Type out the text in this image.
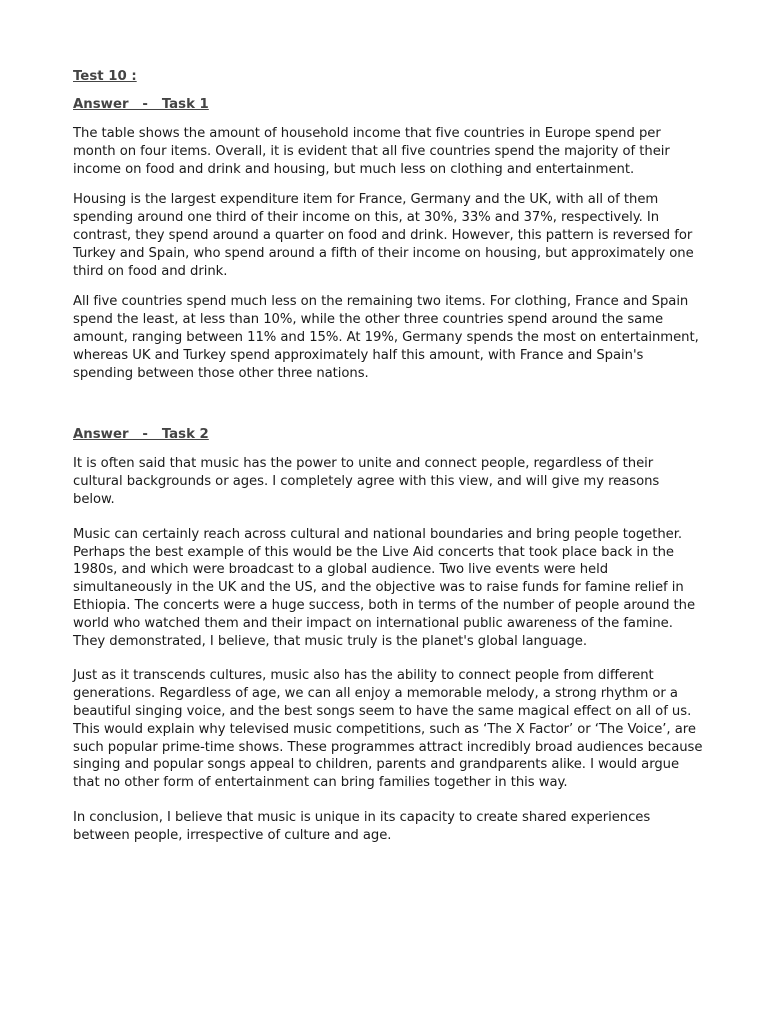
Test 10 :
Answer   -   Task 1

The table shows the amount of household income that five countries in Europe spend per month on four items. Overall, it is evident that all five countries spend the majority of their income on food and drink and housing, but much less on clothing and entertainment.

Housing is the largest expenditure item for France, Germany and the UK, with all of them spending around one third of their income on this, at 30%, 33% and 37%, respectively. In contrast, they spend around a quarter on food and drink. However, this pattern is reversed for Turkey and Spain, who spend around a fifth of their income on housing, but approximately one third on food and drink.

All five countries spend much less on the remaining two items. For clothing, France and Spain spend the least, at less than 10%, while the other three countries spend around the same amount, ranging between 11% and 15%. At 19%, Germany spends the most on entertainment, whereas UK and Turkey spend approximately half this amount, with France and Spain's spending between those other three nations.

Answer   -   Task 2

It is often said that music has the power to unite and connect people, regardless of their cultural backgrounds or ages. I completely agree with this view, and will give my reasons below.

Music can certainly reach across cultural and national boundaries and bring people together. Perhaps the best example of this would be the Live Aid concerts that took place back in the 1980s, and which were broadcast to a global audience. Two live events were held simultaneously in the UK and the US, and the objective was to raise funds for famine relief in Ethiopia. The concerts were a huge success, both in terms of the number of people around the world who watched them and their impact on international public awareness of the famine. They demonstrated, I believe, that music truly is the planet's global language.

Just as it transcends cultures, music also has the ability to connect people from different generations. Regardless of age, we can all enjoy a memorable melody, a strong rhythm or a beautiful singing voice, and the best songs seem to have the same magical effect on all of us. This would explain why televised music competitions, such as ‘The X Factor’ or ‘The Voice’, are such popular prime-time shows. These programmes attract incredibly broad audiences because singing and popular songs appeal to children, parents and grandparents alike. I would argue that no other form of entertainment can bring families together in this way.

In conclusion, I believe that music is unique in its capacity to create shared experiences between people, irrespective of culture and age.
